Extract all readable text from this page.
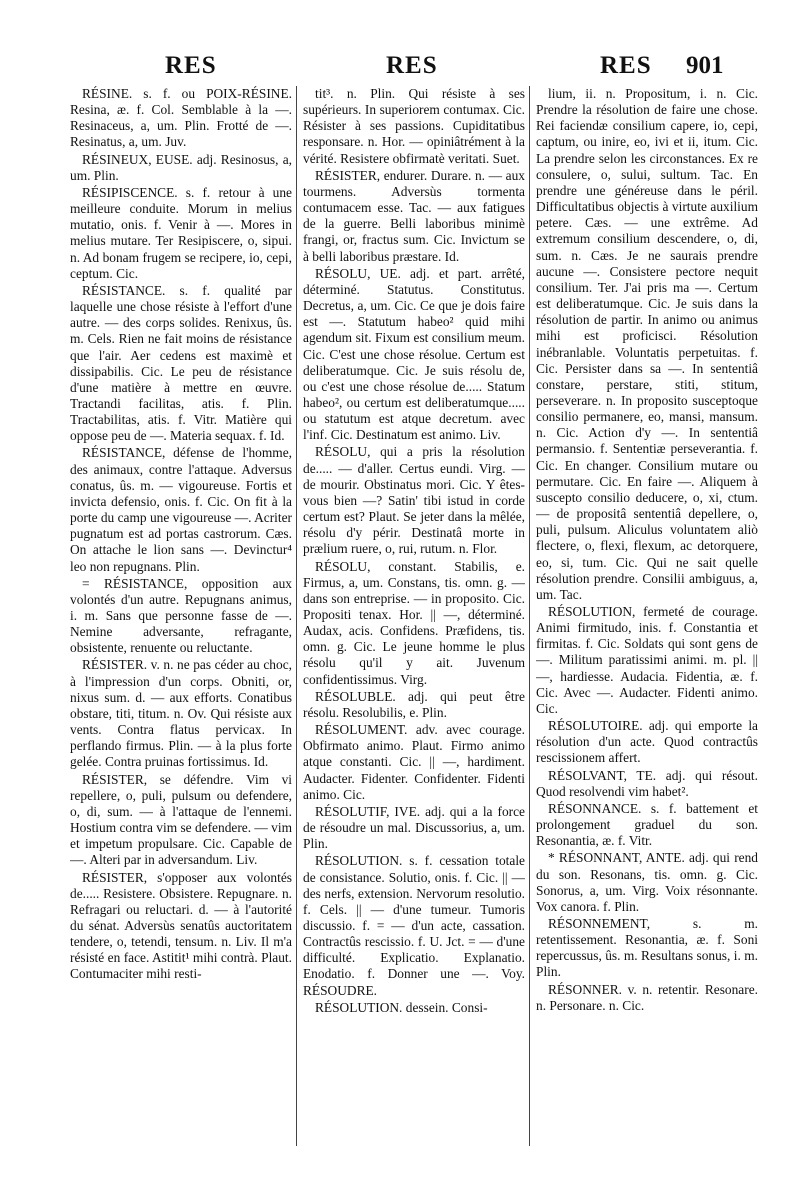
RES	RES	RES 901

RÉSINE. s. f. ou POIX-RÉSINE. Resina, æ. f. Col. Semblable à la —. Resinaceus, a, um. Plin. Frotté de —. Resinatus, a, um. Juv.

RÉSINEUX, EUSE. adj. Resinosus, a, um. Plin.

RÉSIPISCENCE. s. f. retour à une meilleure conduite. Morum in melius mutatio, onis. f. Venir à —. Mores in melius mutare. Ter Resipiscere, o, sipui. n. Ad bonam frugem se recipere, io, cepi, ceptum. Cic.

RÉSISTANCE. s. f. qualité par laquelle une chose résiste à l'effort d'une autre. — des corps solides. Renixus, ûs. m. Cels. Rien ne fait moins de résistance que l'air. Aer cedens est maximè et dissipabilis. Cic. Le peu de résistance d'une matière à mettre en œuvre. Tractandi facilitas, atis. f. Plin. Tractabilitas, atis. f. Vitr. Matière qui oppose peu de —. Materia sequax. f. Id.

RÉSISTANCE, défense de l'homme, des animaux, contre l'attaque. Adversus conatus, ûs. m. — vigoureuse. Fortis et invicta defensio, onis. f. Cic. On fit à la porte du camp une vigoureuse —. Acriter pugnatum est ad portas castrorum. Cæs. On attache le lion sans —. Devinctur⁴ leo non repugnans. Plin.

= RÉSISTANCE, opposition aux volontés d'un autre. Repugnans animus, i. m. Sans que personne fasse de —. Nemine adversante, refragante, obsistente, renuente ou reluctante.

RÉSISTER. v. n. ne pas céder au choc, à l'impression d'un corps. Obniti, or, nixus sum. d. — aux efforts. Conatibus obstare, titi, titum. n. Ov. Qui résiste aux vents. Contra flatus pervicax. In perflando firmus. Plin. — à la plus forte gelée. Contra pruinas fortissimus. Id.

RÉSISTER, se défendre. Vim vi repellere, o, puli, pulsum ou defendere, o, di, sum. — à l'attaque de l'ennemi. Hostium contra vim se defendere. — vim et impetum propulsare. Cic. Capable de —. Alteri par in adversandum. Liv.

RÉSISTER, s'opposer aux volontés de..... Resistere. Obsistere. Repugnare. n. Refragari ou reluctari. d. — à l'autorité du sénat. Adversùs senatûs auctoritatem tendere, o, tetendi, tensum. n. Liv. Il m'a résisté en face. Astitit¹ mihi contrà. Plaut. Contumaciter mihi resti-

tit³. n. Plin. Qui résiste à ses supérieurs. In superiorem contumax. Cic. Résister à ses passions. Cupiditatibus responsare. n. Hor. — opiniâtrément à la vérité. Resistere obfirmatè veritati. Suet.

RÉSISTER, endurer. Durare. n. — aux tourmens. Adversùs tormenta contumacem esse. Tac. — aux fatigues de la guerre. Belli laboribus minimè frangi, or, fractus sum. Cic. Invictum se à belli laboribus præstare. Id.

RÉSOLU, UE. adj. et part. arrêté, déterminé. Statutus. Constitutus. Decretus, a, um. Cic. Ce que je dois faire est —. Statutum habeo² quid mihi agendum sit. Fixum est consilium meum. Cic. C'est une chose résolue. Certum est deliberatumque. Cic. Je suis résolu de, ou c'est une chose résolue de..... Statum habeo², ou certum est deliberatumque..... ou statutum est atque decretum. avec l'inf. Cic. Destinatum est animo. Liv.

RÉSOLU, qui a pris la résolution de..... — d'aller. Certus eundi. Virg. — de mourir. Obstinatus mori. Cic. Y êtes-vous bien —? Satin' tibi istud in corde certum est? Plaut. Se jeter dans la mêlée, résolu d'y périr. Destinatâ morte in prælium ruere, o, rui, rutum. n. Flor.

RÉSOLU, constant. Stabilis, e. Firmus, a, um. Constans, tis. omn. g. — dans son entreprise. — in proposito. Cic. Propositi tenax. Hor. || —, déterminé. Audax, acis. Confidens. Præfidens, tis. omn. g. Cic. Le jeune homme le plus résolu qu'il y ait. Juvenum confidentissimus. Virg.

RÉSOLUBLE. adj. qui peut être résolu. Resolubilis, e. Plin.

RÉSOLUMENT. adv. avec courage. Obfirmato animo. Plaut. Firmo animo atque constanti. Cic. || —, hardiment. Audacter. Fidenter. Confidenter. Fidenti animo. Cic.

RÉSOLUTIF, IVE. adj. qui a la force de résoudre un mal. Discussorius, a, um. Plin.

RÉSOLUTION. s. f. cessation totale de consistance. Solutio, onis. f. Cic. || — des nerfs, extension. Nervorum resolutio. f. Cels. || — d'une tumeur. Tumoris discussio. f. = — d'un acte, cassation. Contractûs rescissio. f. U. Jct. = — d'une difficulté. Explicatio. Explanatio. Enodatio. f. Donner une —. Voy. RÉSOUDRE.

RÉSOLUTION. dessein. Consi-

lium, ii. n. Propositum, i. n. Cic. Prendre la résolution de faire une chose. Rei faciendæ consilium capere, io, cepi, captum, ou inire, eo, ivi et ii, itum. Cic. La prendre selon les circonstances. Ex re consulere, o, sului, sultum. Tac. En prendre une généreuse dans le péril. Difficultatibus objectis à virtute auxilium petere. Cæs. — une extrême. Ad extremum consilium descendere, o, di, sum. n. Cæs. Je ne saurais prendre aucune —. Consistere pectore nequit consilium. Ter. J'ai pris ma —. Certum est deliberatumque. Cic. Je suis dans la résolution de partir. In animo ou animus mihi est proficisci. Résolution inébranlable. Voluntatis perpetuitas. f. Cic. Persister dans sa —. In sententiâ constare, perstare, stiti, stitum, perseverare. n. In proposito susceptoque consilio permanere, eo, mansi, mansum. n. Cic. Action d'y —. In sententiâ permansio. f. Sententiæ perseverantia. f. Cic. En changer. Consilium mutare ou permutare. Cic. En faire —. Aliquem à suscepto consilio deducere, o, xi, ctum. — de propositâ sententiâ depellere, o, puli, pulsum. Aliculus voluntatem aliò flectere, o, flexi, flexum, ac detorquere, eo, si, tum. Cic. Qui ne sait quelle résolution prendre. Consilii ambiguus, a, um. Tac.

RÉSOLUTION, fermeté de courage. Animi firmitudo, inis. f. Constantia et firmitas. f. Cic. Soldats qui sont gens de —. Militum paratissimi animi. m. pl. || —, hardiesse. Audacia. Fidentia, æ. f. Cic. Avec —. Audacter. Fidenti animo. Cic.

RÉSOLUTOIRE. adj. qui emporte la résolution d'un acte. Quod contractûs rescissionem affert.

RÉSOLVANT, TE. adj. qui résout. Quod resolvendi vim habet².

RÉSONNANCE. s. f. battement et prolongement graduel du son. Resonantia, æ. f. Vitr.

* RÉSONNANT, ANTE. adj. qui rend du son. Resonans, tis. omn. g. Cic. Sonorus, a, um. Virg. Voix résonnante. Vox canora. f. Plin.

RÉSONNEMENT, s. m. retentissement. Resonantia, æ. f. Soni repercussus, ûs. m. Resultans sonus, i. m. Plin.

RÉSONNER. v. n. retentir. Resonare. n. Personare. n. Cic.
